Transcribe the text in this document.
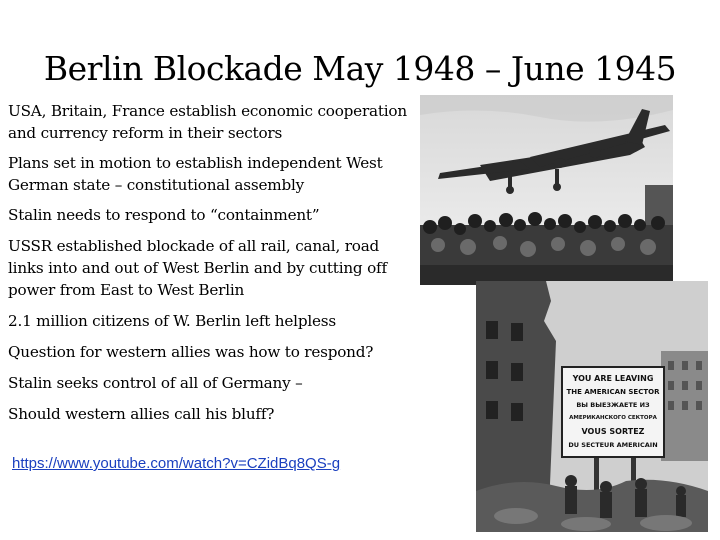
Berlin Blockade May 1948 – June 1945

USA, Britain, France establish economic cooperation and currency reform in their sectors

Plans set in motion to establish independent West German state – constitutional assembly

Stalin needs to respond to “containment”

USSR established blockade of all rail, canal, road links into and out of West Berlin and by cutting off power from East to West Berlin

2.1 million citizens of W. Berlin left helpless

Question for western allies was how to respond?

Stalin seeks control of all of Germany –

Should western allies call his bluff?

https://www.youtube.com/watch?v=CZidBq8QS-g
YOU ARE LEAVING
THE AMERICAN SECTOR
ВЫ ВЫЕЗЖАЕТЕ ИЗ
АМЕРИКАНСКОГО СЕКТОРА
VOUS SORTEZ
DU SECTEUR AMERICAIN
